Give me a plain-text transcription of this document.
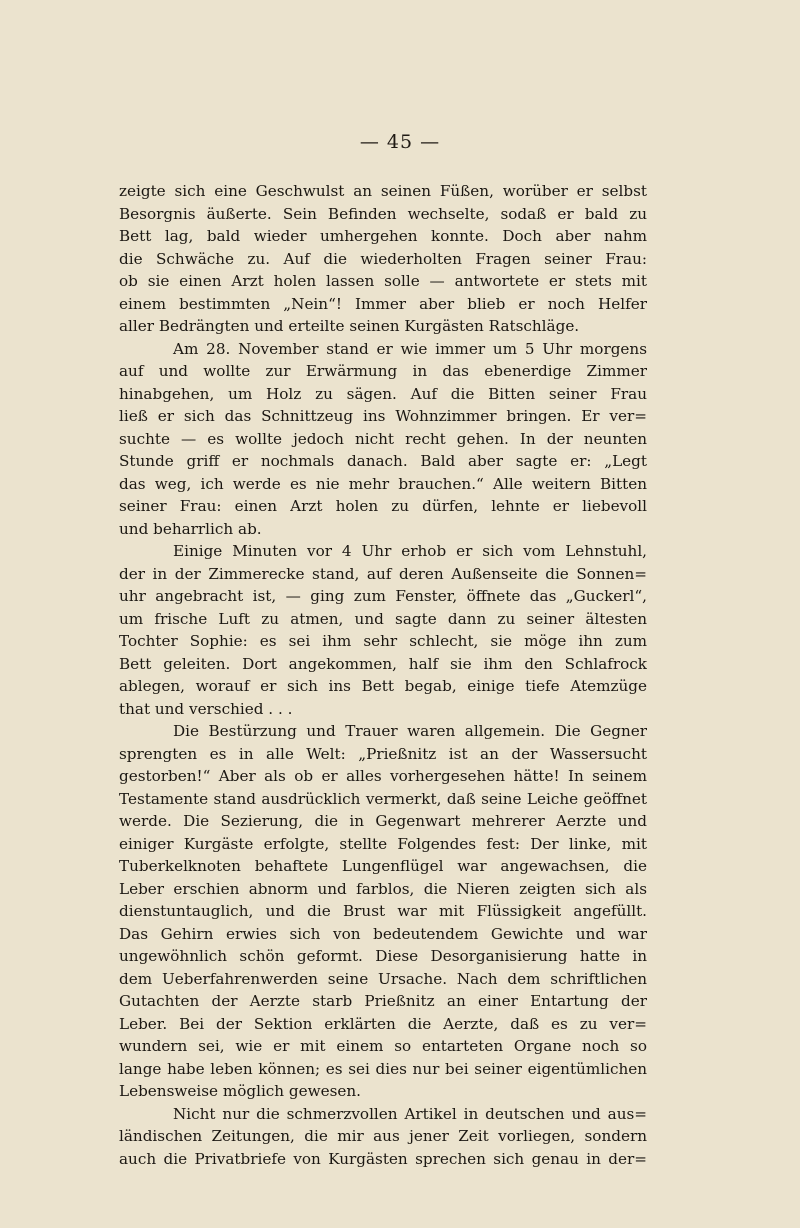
— 45 —
zeigte sich eine Geschwulst an seinen Füßen, worüber er selbst
Besorgnis äußerte. Sein Befinden wechselte, sodaß er bald zu
Bett lag, bald wieder umhergehen konnte. Doch aber nahm
die Schwäche zu. Auf die wiederholten Fragen seiner Frau:
ob sie einen Arzt holen lassen solle — antwortete er stets mit
einem bestimmten „Nein“! Immer aber blieb er noch Helfer
aller Bedrängten und erteilte seinen Kurgästen Ratschläge.
Am 28. November stand er wie immer um 5 Uhr morgens
auf und wollte zur Erwärmung in das ebenerdige Zimmer
hinabgehen, um Holz zu sägen. Auf die Bitten seiner Frau
ließ er sich das Schnittzeug ins Wohnzimmer bringen. Er ver=
suchte — es wollte jedoch nicht recht gehen. In der neunten
Stunde griff er nochmals danach. Bald aber sagte er: „Legt
das weg, ich werde es nie mehr brauchen.“ Alle weitern Bitten
seiner Frau: einen Arzt holen zu dürfen, lehnte er liebevoll
und beharrlich ab.
Einige Minuten vor 4 Uhr erhob er sich vom Lehnstuhl,
der in der Zimmerecke stand, auf deren Außenseite die Sonnen=
uhr angebracht ist, — ging zum Fenster, öffnete das „Guckerl“,
um frische Luft zu atmen, und sagte dann zu seiner ältesten
Tochter Sophie: es sei ihm sehr schlecht, sie möge ihn zum
Bett geleiten. Dort angekommen, half sie ihm den Schlafrock
ablegen, worauf er sich ins Bett begab, einige tiefe Atemzüge
that und verschied . . .
Die Bestürzung und Trauer waren allgemein. Die Gegner
sprengten es in alle Welt: „Prießnitz ist an der Wassersucht
gestorben!“ Aber als ob er alles vorhergesehen hätte! In seinem
Testamente stand ausdrücklich vermerkt, daß seine Leiche geöffnet
werde. Die Sezierung, die in Gegenwart mehrerer Aerzte und
einiger Kurgäste erfolgte, stellte Folgendes fest: Der linke, mit
Tuberkelknoten behaftete Lungenflügel war angewachsen, die
Leber erschien abnorm und farblos, die Nieren zeigten sich als
dienstuntauglich, und die Brust war mit Flüssigkeit angefüllt.
Das Gehirn erwies sich von bedeutendem Gewichte und war
ungewöhnlich schön geformt. Diese Desorganisierung hatte in
dem Ueberfahrenwerden seine Ursache. Nach dem schriftlichen
Gutachten der Aerzte starb Prießnitz an einer Entartung der
Leber. Bei der Sektion erklärten die Aerzte, daß es zu ver=
wundern sei, wie er mit einem so entarteten Organe noch so
lange habe leben können; es sei dies nur bei seiner eigentümlichen
Lebensweise möglich gewesen.
Nicht nur die schmerzvollen Artikel in deutschen und aus=
ländischen Zeitungen, die mir aus jener Zeit vorliegen, sondern
auch die Privatbriefe von Kurgästen sprechen sich genau in der=
